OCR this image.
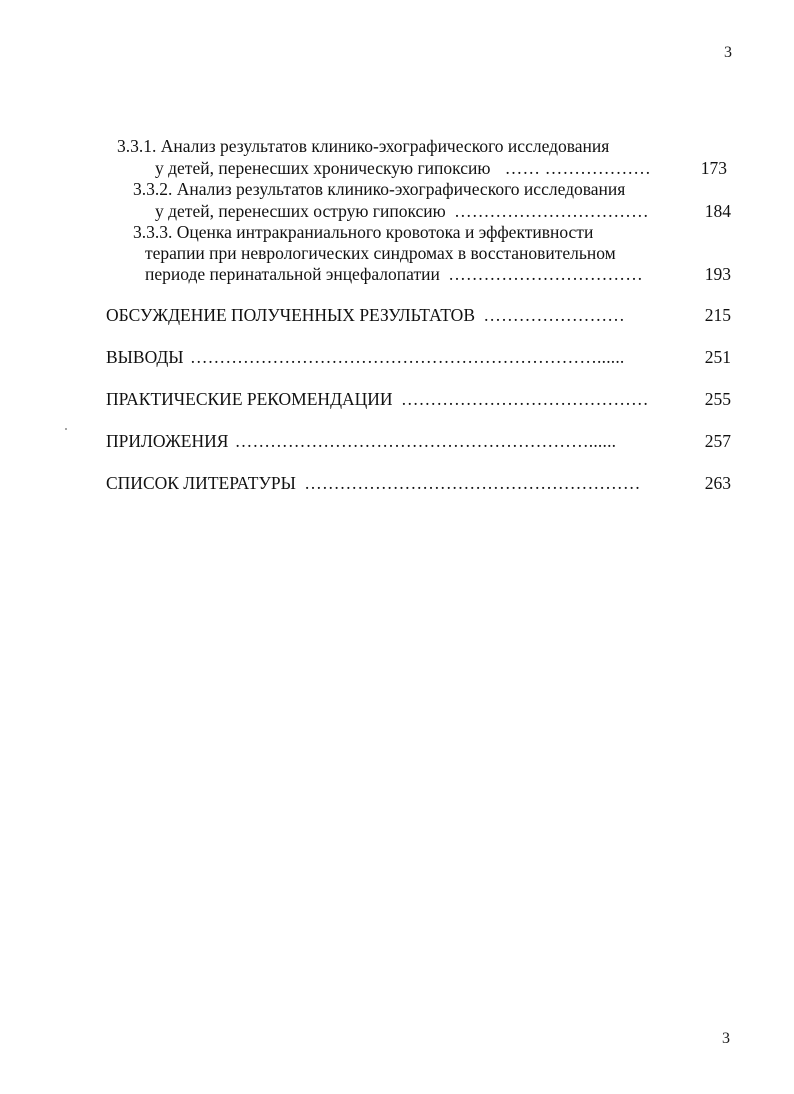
3
3.3.1. Анализ результатов клинико-эхографического исследования
у детей, перенесших хроническую гипоксию …… ………………	173
3.3.2. Анализ результатов клинико-эхографического исследования
у детей, перенесших острую гипоксию ……………………………	184
3.3.3. Оценка интракраниального кровотока и эффективности
терапии при неврологических синдромах в восстановительном
периоде перинатальной энцефалопатии ……………………………	193
ОБСУЖДЕНИЕ ПОЛУЧЕННЫХ РЕЗУЛЬТАТОВ ……………………	215
ВЫВОДЫ ……………………………………………………………......	251
ПРАКТИЧЕСКИЕ РЕКОМЕНДАЦИИ ……………………………………	255
ПРИЛОЖЕНИЯ ……………………………………………………......	257
СПИСОК ЛИТЕРАТУРЫ …………………………………………………	263
3
